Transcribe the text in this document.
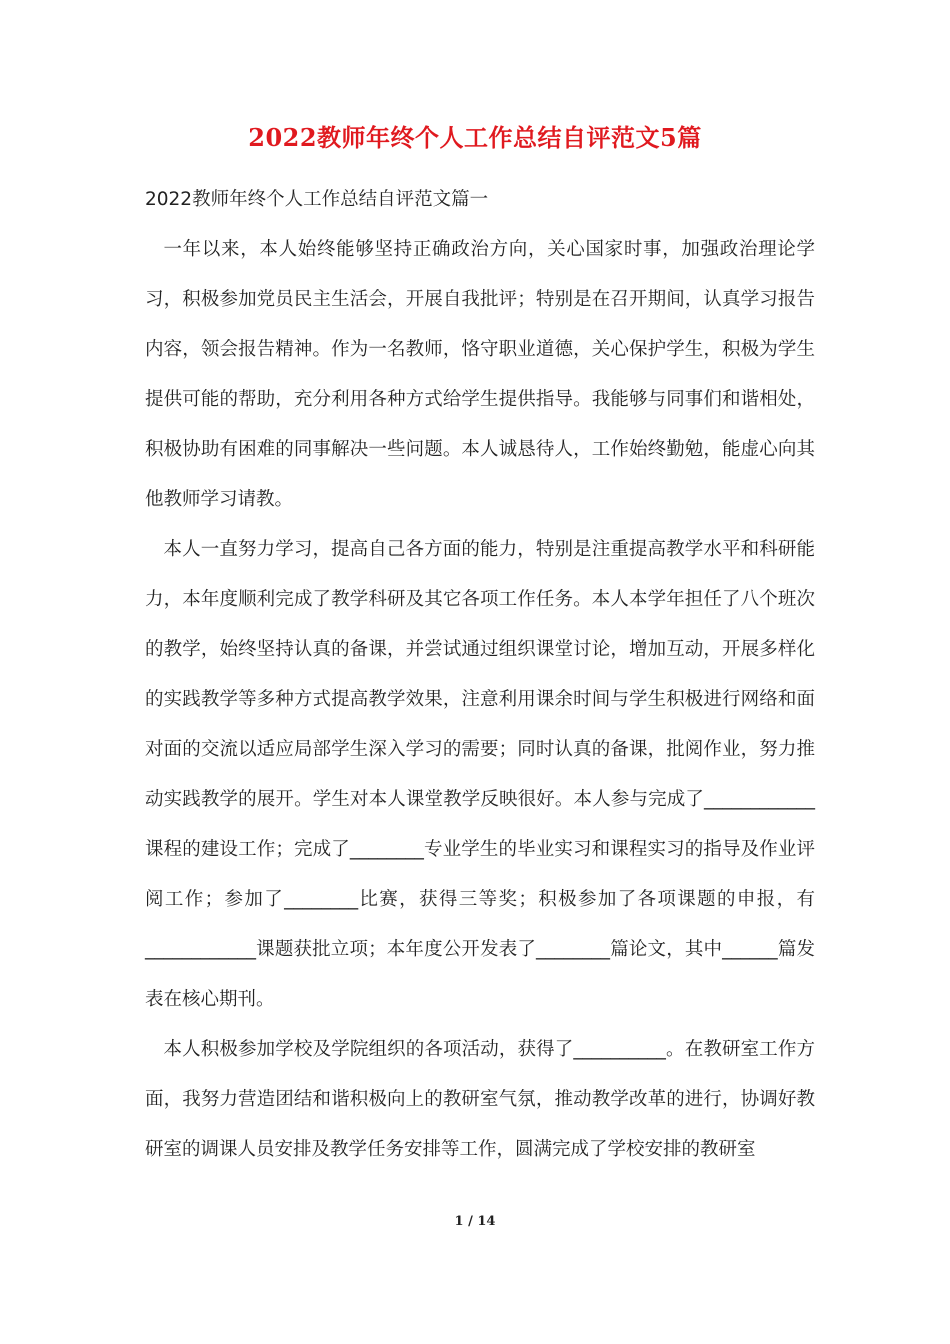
2022教师年终个人工作总结自评范文5篇

2022教师年终个人工作总结自评范文篇一

一年以来，本人始终能够坚持正确政治方向，关心国家时事，加强政治理论学习，积极参加党员民主生活会，开展自我批评；特别是在召开期间，认真学习报告内容，领会报告精神。作为一名教师，恪守职业道德，关心保护学生，积极为学生提供可能的帮助，充分利用各种方式给学生提供指导。我能够与同事们和谐相处，积极协助有困难的同事解决一些问题。本人诚恳待人，工作始终勤勉，能虚心向其他教师学习请教。

本人一直努力学习，提高自己各方面的能力，特别是注重提高教学水平和科研能力，本年度顺利完成了教学科研及其它各项工作任务。本人本学年担任了八个班次的教学，始终坚持认真的备课，并尝试通过组织课堂讨论，增加互动，开展多样化的实践教学等多种方式提高教学效果，注意利用课余时间与学生积极进行网络和面对面的交流以适应局部学生深入学习的需要；同时认真的备课，批阅作业，努力推动实践教学的展开。学生对本人课堂教学反映很好。本人参与完成了____________课程的建设工作；完成了________专业学生的毕业实习和课程实习的指导及作业评阅工作；参加了________比赛，获得三等奖；积极参加了各项课题的申报，有____________课题获批立项；本年度公开发表了________篇论文，其中______篇发表在核心期刊。

本人积极参加学校及学院组织的各项活动，获得了__________。在教研室工作方面，我努力营造团结和谐积极向上的教研室气氛，推动教学改革的进行，协调好教研室的调课人员安排及教学任务安排等工作，圆满完成了学校安排的教研室

1 / 14
